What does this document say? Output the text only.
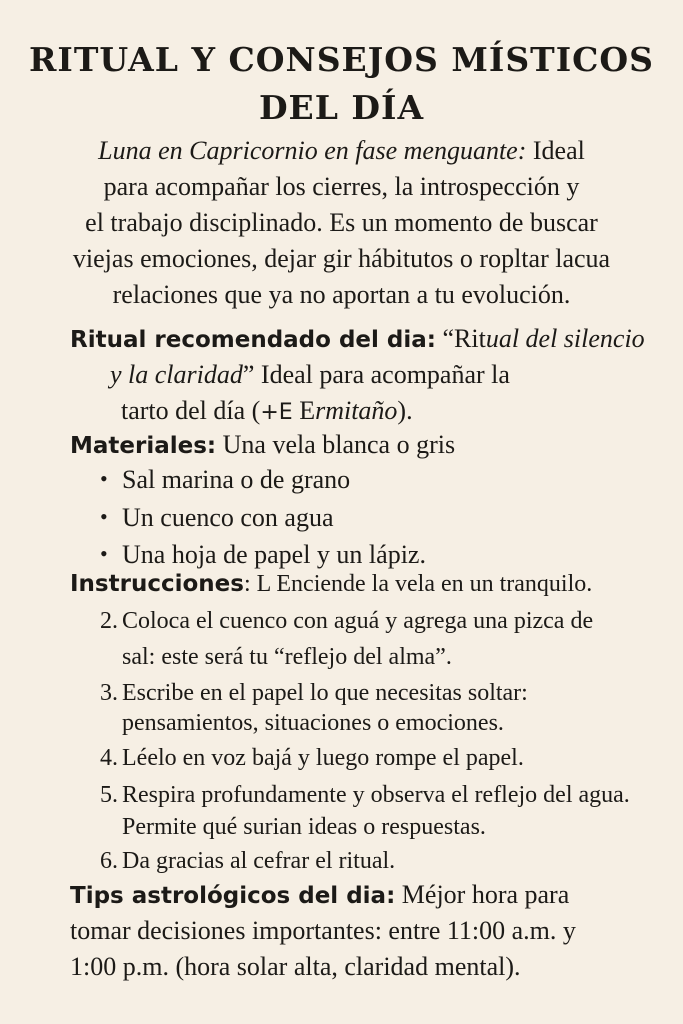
RITUAL Y CONSEJOS MÍSTICOS
DEL DÍA
Luna en Capricornio en fase menguante: Ideal
para acompañar los cierres, la introspección y
el trabajo disciplinado. Es un momento de buscar
viejas emociones, dejar gir hábitutos o ropltar lacua
relaciones que ya no aportan a tu evolución.
Ritual recomendado del dia: “Ritual del silencio
y la claridad” Ideal para acompañar la
tarto del día (+E Ermitaño).
Materiales: Una vela blanca o gris
• Sal marina o de grano
• Un cuenco con agua
• Una hoja de papel y un lápiz.
Instrucciones: L Enciende la vela en un tranquilo.
2. Coloca el cuenco con aguá y agrega una pizca de
sal: este será tu “reflejo del alma”.
3. Escribe en el papel lo que necesitas soltar:
pensamientos, situaciones o emociones.
4. Léelo en voz bajá y luego rompe el papel.
5. Respira profundamente y observa el reflejo del agua.
Permite qué surian ideas o respuestas.
6. Da gracias al cefrar el ritual.
Tips astrológicos del dia: Méjor hora para
tomar decisiones importantes: entre 11:00 a.m. y
1:00 p.m. (hora solar alta, claridad mental).
